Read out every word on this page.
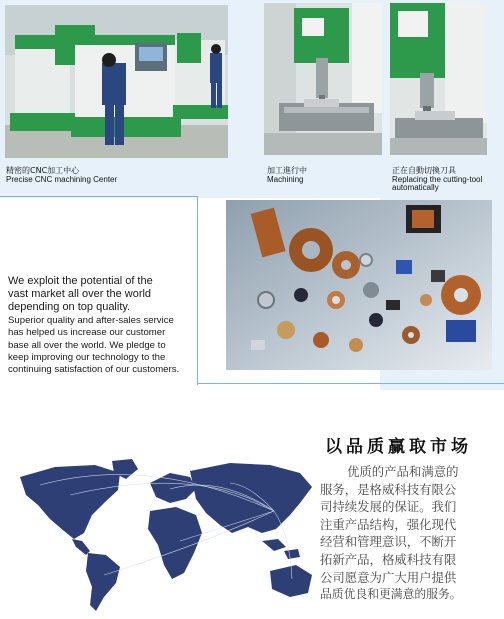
精密的CNC加工中心
Precise CNC machining Center
加工進行中
Machining
正在自動切換刀具
Replacing the cutting-tool
automatically
We exploit the potential of the
vast market all over the world
depending on top quality.
Superior quality and after-sales service
has helped us increase our customer
base all over the world. We pledge to
keep improving our technology to the
continuing satisfaction of our customers.
以品质赢取市场
优质的产品和满意的
服务，是格威科技有限公
司持续发展的保证。我们
注重产品结构，强化现代
经营和管理意识，不断开
拓新产品，格威科技有限
公司愿意为广大用户提供
品质优良和更满意的服务。
